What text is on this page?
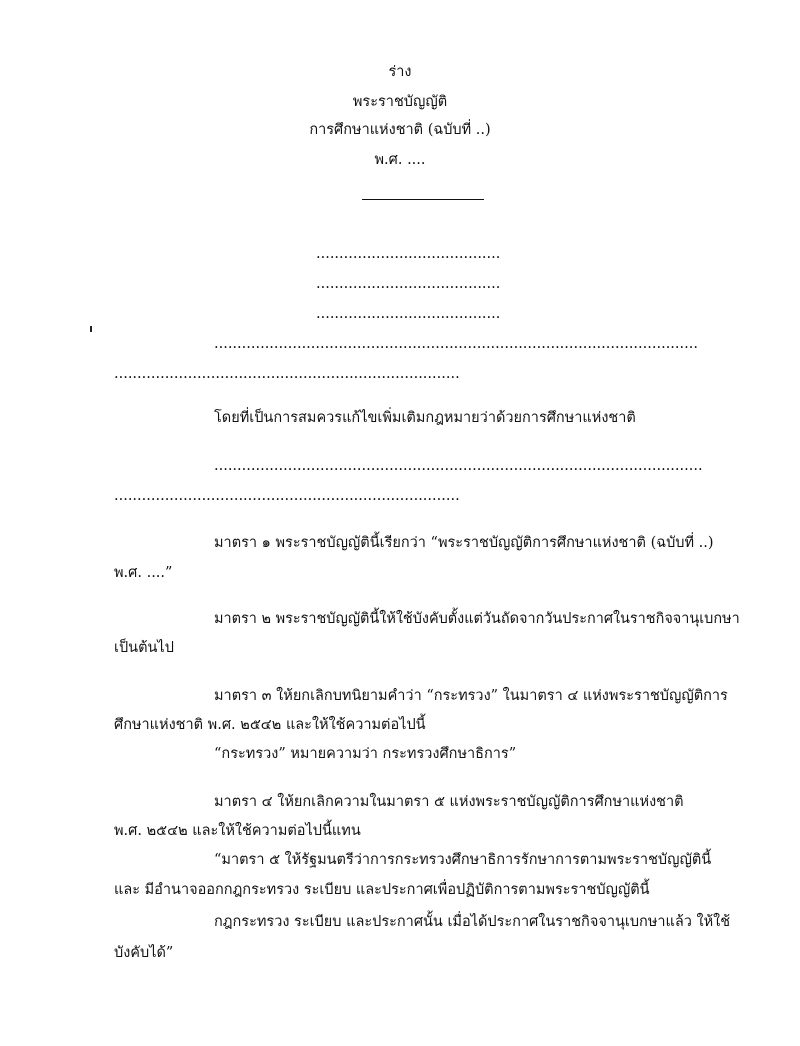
ร่าง
พระราชบัญญัติ
การศึกษาแห่งชาติ (ฉบับที่ ..)
พ.ศ. ....
........................................
........................................
........................................
.........................................................................................................
...........................................................................
โดยที่เป็นการสมควรแก้ไขเพิ่มเติมกฎหมายว่าด้วยการศึกษาแห่งชาติ
..........................................................................................................
...........................................................................
มาตรา ๑ พระราชบัญญัตินี้เรียกว่า “พระราชบัญญัติการศึกษาแห่งชาติ (ฉบับที่ ..)
พ.ศ. ....”
มาตรา ๒ พระราชบัญญัตินี้ให้ใช้บังคับตั้งแต่วันถัดจากวันประกาศในราชกิจจานุเบกษา
เป็นต้นไป
มาตรา ๓ ให้ยกเลิกบทนิยามคำว่า “กระทรวง” ในมาตรา ๔ แห่งพระราชบัญญัติการ
ศึกษาแห่งชาติ พ.ศ. ๒๕๔๒ และให้ใช้ความต่อไปนี้
“กระทรวง” หมายความว่า กระทรวงศึกษาธิการ”
มาตรา ๔ ให้ยกเลิกความในมาตรา ๕ แห่งพระราชบัญญัติการศึกษาแห่งชาติ
พ.ศ. ๒๕๔๒ และให้ใช้ความต่อไปนี้แทน
“มาตรา ๕ ให้รัฐมนตรีว่าการกระทรวงศึกษาธิการรักษาการตามพระราชบัญญัตินี้
และ มีอำนาจออกกฎกระทรวง ระเบียบ และประกาศเพื่อปฏิบัติการตามพระราชบัญญัตินี้
กฎกระทรวง ระเบียบ และประกาศนั้น เมื่อได้ประกาศในราชกิจจานุเบกษาแล้ว ให้ใช้
บังคับได้”
